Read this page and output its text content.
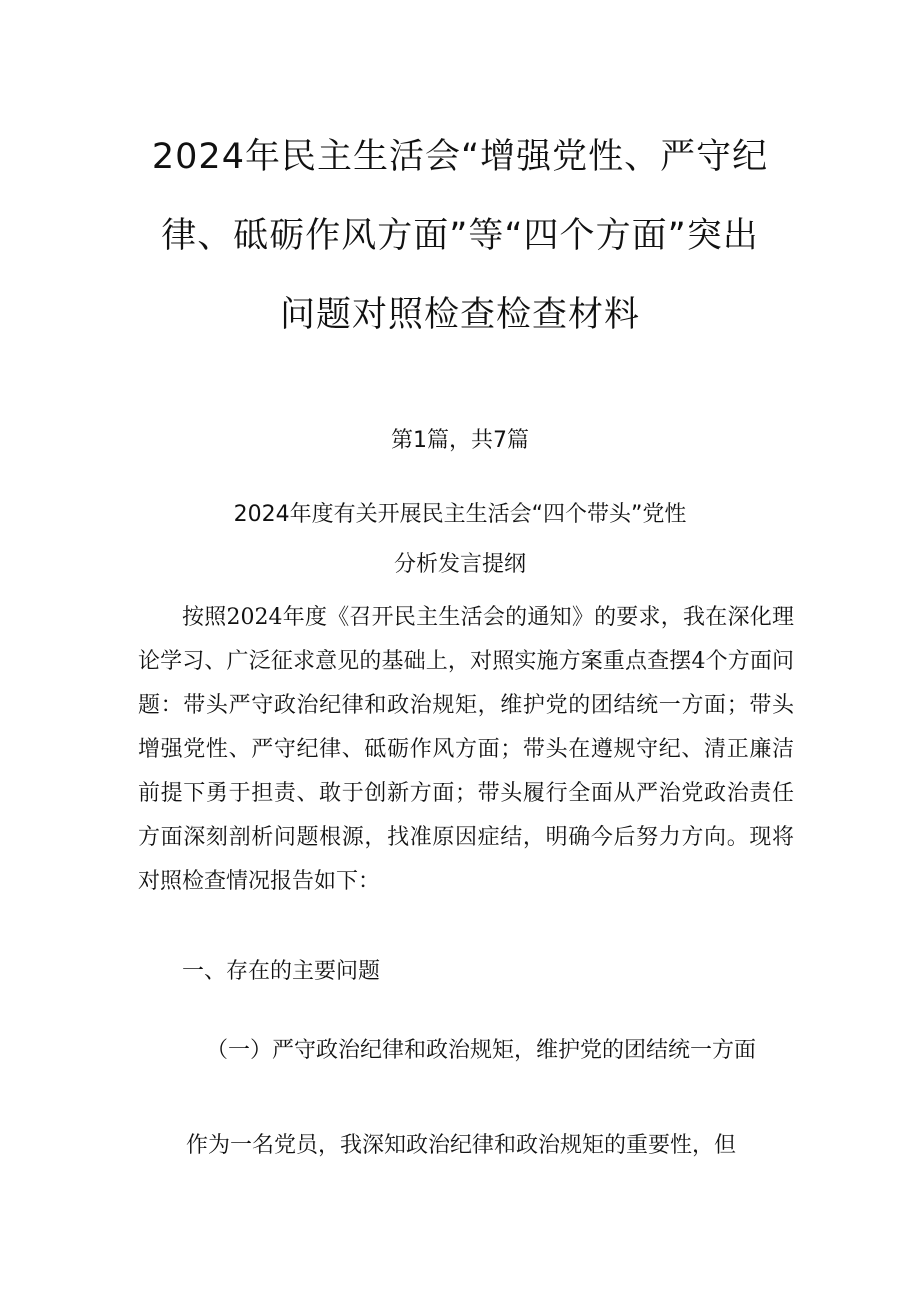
2024年民主生活会“增强党性、严守纪
律、砥砺作风方面”等“四个方面”突出
问题对照检查检查材料
第1篇，共7篇
2024年度有关开展民主生活会“四个带头”党性
分析发言提纲

按照2024年度《召开民主生活会的通知》的要求，我在深化理论学习、广泛征求意见的基础上，对照实施方案重点查摆4个方面问题：带头严守政治纪律和政治规矩，维护党的团结统一方面；带头增强党性、严守纪律、砥砺作风方面；带头在遵规守纪、清正廉洁前提下勇于担责、敢于创新方面；带头履行全面从严治党政治责任方面深刻剖析问题根源，找准原因症结，明确今后努力方向。现将对照检查情况报告如下：

一、存在的主要问题

（一）严守政治纪律和政治规矩，维护党的团结统一方面

作为一名党员，我深知政治纪律和政治规矩的重要性，但
